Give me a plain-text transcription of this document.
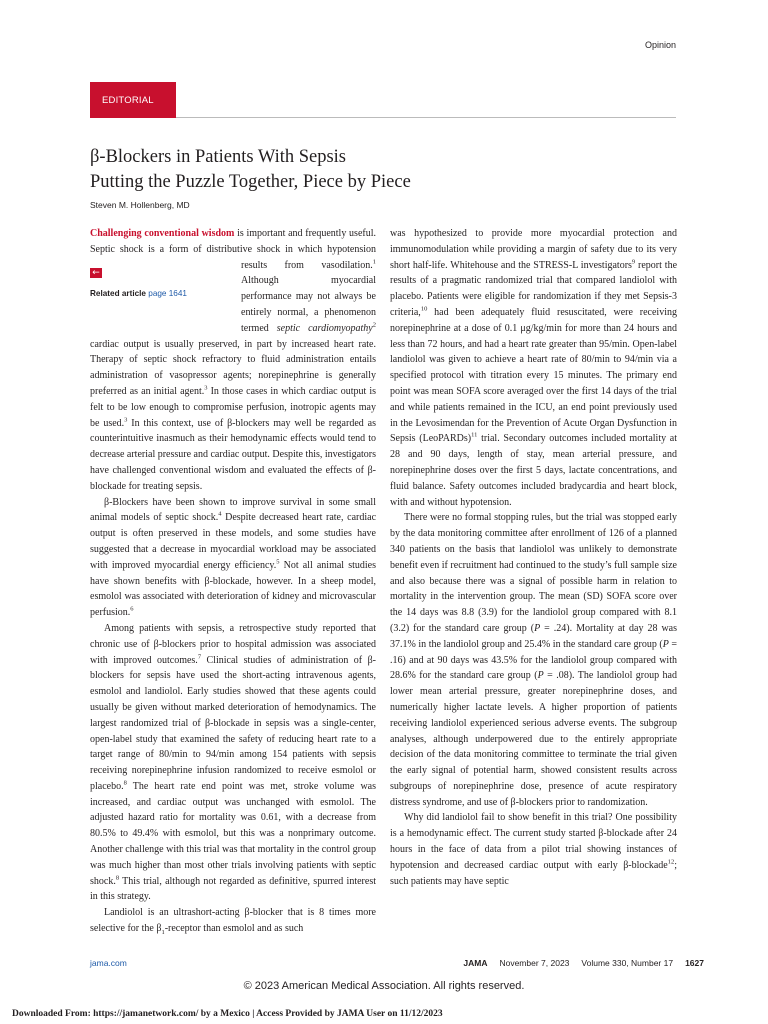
Opinion
EDITORIAL
β-Blockers in Patients With Sepsis
Putting the Puzzle Together, Piece by Piece
Steven M. Hollenberg, MD

Challenging conventional wisdom is important and frequently useful. Septic shock is a form of distributive shock in which hypotension results from vasodilation.$^1$
←
Related article page 1641
Although myocardial performance may not always be entirely normal, a phenomenon termed septic cardiomyopathy$^2$ cardiac output is usually preserved, in part by increased heart rate. Therapy of septic shock refractory to fluid administration entails administration of vasopressor agents; norepinephrine is generally preferred as an initial agent.$^3$ In those cases in which cardiac output is felt to be low enough to compromise perfusion, inotropic agents may be used.$^3$ In this context, use of β-blockers may well be regarded as counterintuitive inasmuch as their hemodynamic effects would tend to decrease arterial pressure and cardiac output. Despite this, investigators have challenged conventional wisdom and evaluated the effects of β-blockade for treating sepsis.

β-Blockers have been shown to improve survival in some small animal models of septic shock.$^4$ Despite decreased heart rate, cardiac output is often preserved in these models, and some studies have suggested that a decrease in myocardial workload may be associated with improved myocardial energy efficiency.$^5$ Not all animal studies have shown benefits with β-blockade, however. In a sheep model, esmolol was associated with deterioration of kidney and microvascular perfusion.$^6$

Among patients with sepsis, a retrospective study reported that chronic use of β-blockers prior to hospital admission was associated with improved outcomes.$^7$ Clinical studies of administration of β-blockers for sepsis have used the short-acting intravenous agents, esmolol and landiolol. Early studies showed that these agents could usually be given without marked deterioration of hemodynamics. The largest randomized trial of β-blockade in sepsis was a single-center, open-label study that examined the safety of reducing heart rate to a target range of 80/min to 94/min among 154 patients with sepsis receiving norepinephrine infusion randomized to receive esmolol or placebo.$^8$ The heart rate end point was met, stroke volume was increased, and cardiac output was unchanged with esmolol. The adjusted hazard ratio for mortality was 0.61, with a decrease from 80.5% to 49.4% with esmolol, but this was a nonprimary outcome. Another challenge with this trial was that mortality in the control group was much higher than most other trials involving patients with septic shock.$^8$ This trial, although not regarded as definitive, spurred interest in this strategy.

Landiolol is an ultrashort-acting β-blocker that is 8 times more selective for the $\beta_1$-receptor than esmolol and as such

was hypothesized to provide more myocardial protection and immunomodulation while providing a margin of safety due to its very short half-life. Whitehouse and the STRESS-L investigators$^9$ report the results of a pragmatic randomized trial that compared landiolol with placebo. Patients were eligible for randomization if they met Sepsis-3 criteria,$^{10}$ had been adequately fluid resuscitated, were receiving norepinephrine at a dose of 0.1 μg/kg/min for more than 24 hours and less than 72 hours, and had a heart rate greater than 95/min. Open-label landiolol was given to achieve a heart rate of 80/min to 94/min via a specified protocol with titration every 15 minutes. The primary end point was mean SOFA score averaged over the first 14 days of the trial and while patients remained in the ICU, an end point previously used in the Levosimendan for the Prevention of Acute Organ Dysfunction in Sepsis (LeoPARDs)$^{11}$ trial. Secondary outcomes included mortality at 28 and 90 days, length of stay, mean arterial pressure, and norepinephrine doses over the first 5 days, lactate concentrations, and fluid balance. Safety outcomes included bradycardia and heart block, with and without hypotension.

There were no formal stopping rules, but the trial was stopped early by the data monitoring committee after enrollment of 126 of a planned 340 patients on the basis that landiolol was unlikely to demonstrate benefit even if recruitment had continued to the study’s full sample size and also because there was a signal of possible harm in relation to mortality in the intervention group. The mean (SD) SOFA score over the 14 days was 8.8 (3.9) for the landiolol group compared with 8.1 (3.2) for the standard care group (P = .24). Mortality at day 28 was 37.1% in the landiolol group and 25.4% in the standard care group (P = .16) and at 90 days was 43.5% for the landiolol group compared with 28.6% for the standard care group (P = .08). The landiolol group had lower mean arterial pressure, greater norepinephrine doses, and numerically higher lactate levels. A higher proportion of patients receiving landiolol experienced serious adverse events. The subgroup analyses, although underpowered due to the entirely appropriate decision of the data monitoring committee to terminate the trial given the early signal of potential harm, showed consistent results across subgroups of norepinephrine dose, presence of acute respiratory distress syndrome, and use of β-blockers prior to randomization.

Why did landiolol fail to show benefit in this trial? One possibility is a hemodynamic effect. The current study started β-blockade after 24 hours in the face of data from a pilot trial showing instances of hypotension and decreased cardiac output with early β-blockade$^{12}$; such patients may have septic

jama.com	JAMA November 7, 2023 Volume 330, Number 17 1627
© 2023 American Medical Association. All rights reserved.
Downloaded From: https://jamanetwork.com/ by a Mexico | Access Provided by JAMA User on 11/12/2023
